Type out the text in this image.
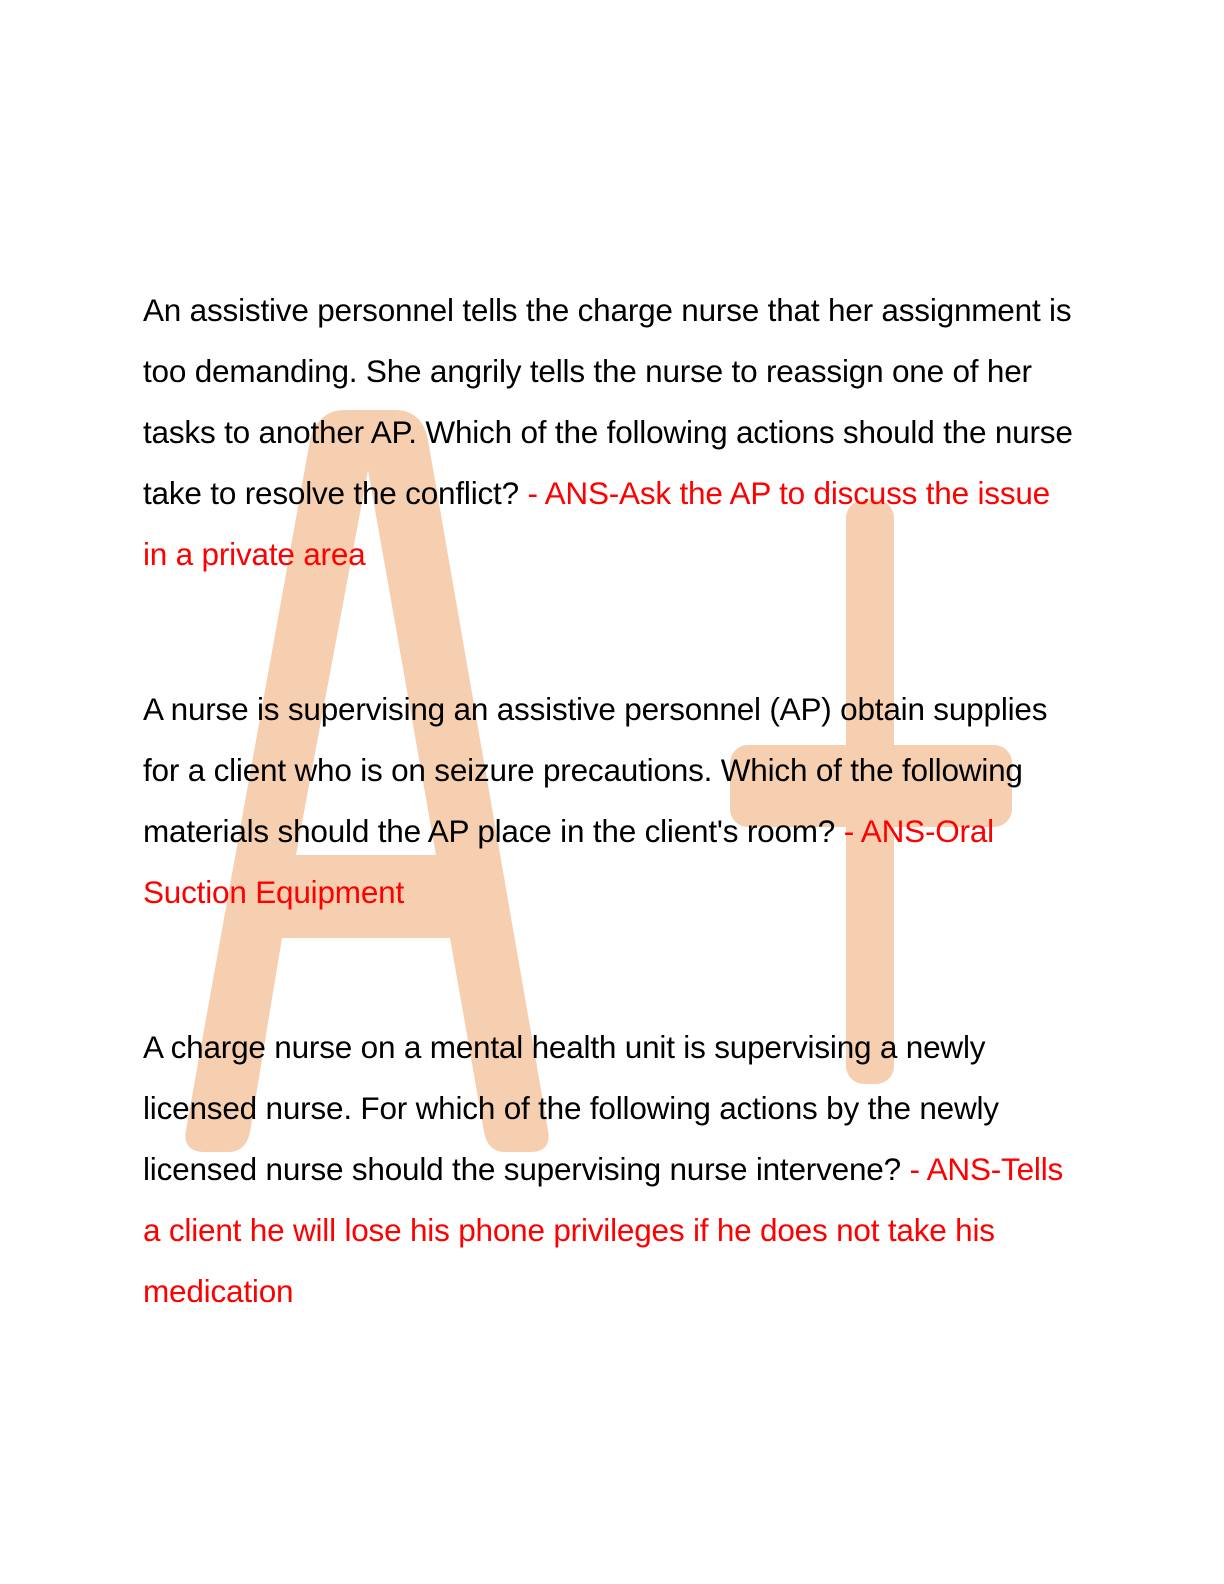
An assistive personnel tells the charge nurse that her assignment is too demanding. She angrily tells the nurse to reassign one of her tasks to another AP. Which of the following actions should the nurse take to resolve the conflict? - ANS-Ask the AP to discuss the issue in a private area

A nurse is supervising an assistive personnel (AP) obtain supplies for a client who is on seizure precautions. Which of the following materials should the AP place in the client's room? - ANS-Oral Suction Equipment

A charge nurse on a mental health unit is supervising a newly licensed nurse. For which of the following actions by the newly licensed nurse should the supervising nurse intervene? - ANS-Tells a client he will lose his phone privileges if he does not take his medication
